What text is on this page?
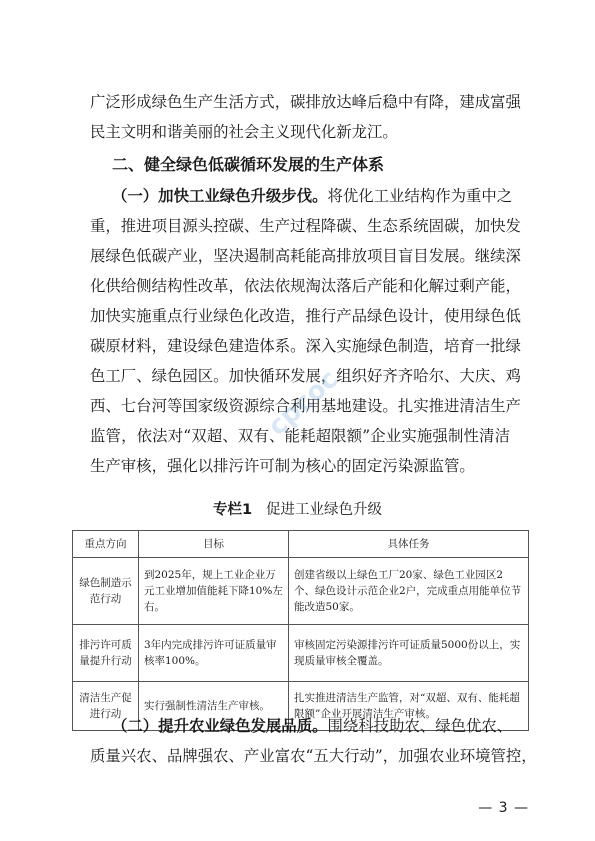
广泛形成绿色生产生活方式，碳排放达峰后稳中有降，建成富强
民主文明和谐美丽的社会主义现代化新龙江。
二、健全绿色低碳循环发展的生产体系
（一）加快工业绿色升级步伐。将优化工业结构作为重中之
重，推进项目源头控碳、生产过程降碳、生态系统固碳，加快发
展绿色低碳产业，坚决遏制高耗能高排放项目盲目发展。继续深
化供给侧结构性改革，依法依规淘汰落后产能和化解过剩产能，
加快实施重点行业绿色化改造，推行产品绿色设计，使用绿色低
碳原材料，建设绿色建造体系。深入实施绿色制造，培育一批绿
色工厂、绿色园区。加快循环发展，组织好齐齐哈尔、大庆、鸡
西、七台河等国家级资源综合利用基地建设。扎实推进清洁生产
监管，依法对“双超、双有、能耗超限额”企业实施强制性清洁
生产审核，强化以排污许可制为核心的固定污染源监管。
cpcoc
专栏1 促进工业绿色升级
重点方向	目标	具体任务
绿色制造示范行动	到2025年，规上工业企业万元工业增加值能耗下降10%左右。	创建省级以上绿色工厂20家、绿色工业园区2个、绿色设计示范企业2户，完成重点用能单位节能改造50家。
排污许可质量提升行动	3年内完成排污许可证质量审核率100%。	审核固定污染源排污许可证质量5000份以上，实现质量审核全覆盖。
清洁生产促进行动	实行强制性清洁生产审核。	扎实推进清洁生产监管，对“双超、双有、能耗超限额”企业开展清洁生产审核。
（二）提升农业绿色发展品质。围绕科技助农、绿色优农、
质量兴农、品牌强农、产业富农“五大行动”，加强农业环境管控，
— 3 —
